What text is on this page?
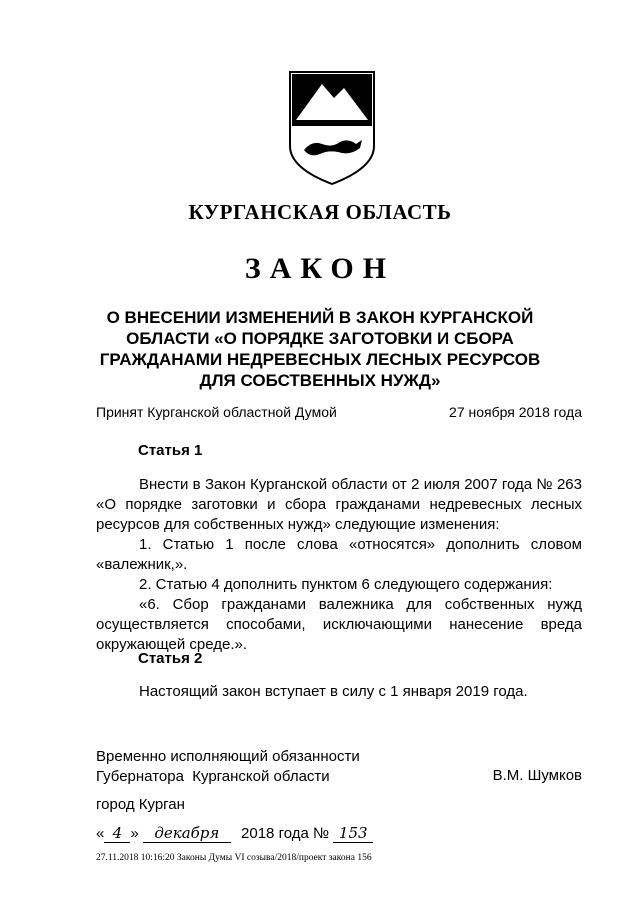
КУРГАНСКАЯ ОБЛАСТЬ
ЗАКОН
О ВНЕСЕНИИ ИЗМЕНЕНИЙ В ЗАКОН КУРГАНСКОЙ
ОБЛАСТИ «О ПОРЯДКЕ ЗАГОТОВКИ И СБОРА
ГРАЖДАНАМИ НЕДРЕВЕСНЫХ ЛЕСНЫХ РЕСУРСОВ
ДЛЯ СОБСТВЕННЫХ НУЖД»
Принят Курганской областной Думой	27 ноября 2018 года
Статья 1

Внести в Закон Курганской области от 2 июля 2007 года № 263 «О порядке заготовки и сбора гражданами недревесных лесных ресурсов для собственных нужд» следующие изменения:

1. Статью 1 после слова «относятся» дополнить словом «валежник,».

2. Статью 4 дополнить пунктом 6 следующего содержания:

«6. Сбор гражданами валежника для собственных нужд осуществляется способами, исключающими нанесение вреда окружающей среде.».

Статья 2
Настоящий закон вступает в силу с 1 января 2019 года.
Временно исполняющий обязанности
Губернатора  Курганской области	В.М. Шумков
город Курган
« 4 » декабря 2018 года № 153
27.11.2018 10:16:20 Законы Думы VI созыва/2018/проект закона 156
